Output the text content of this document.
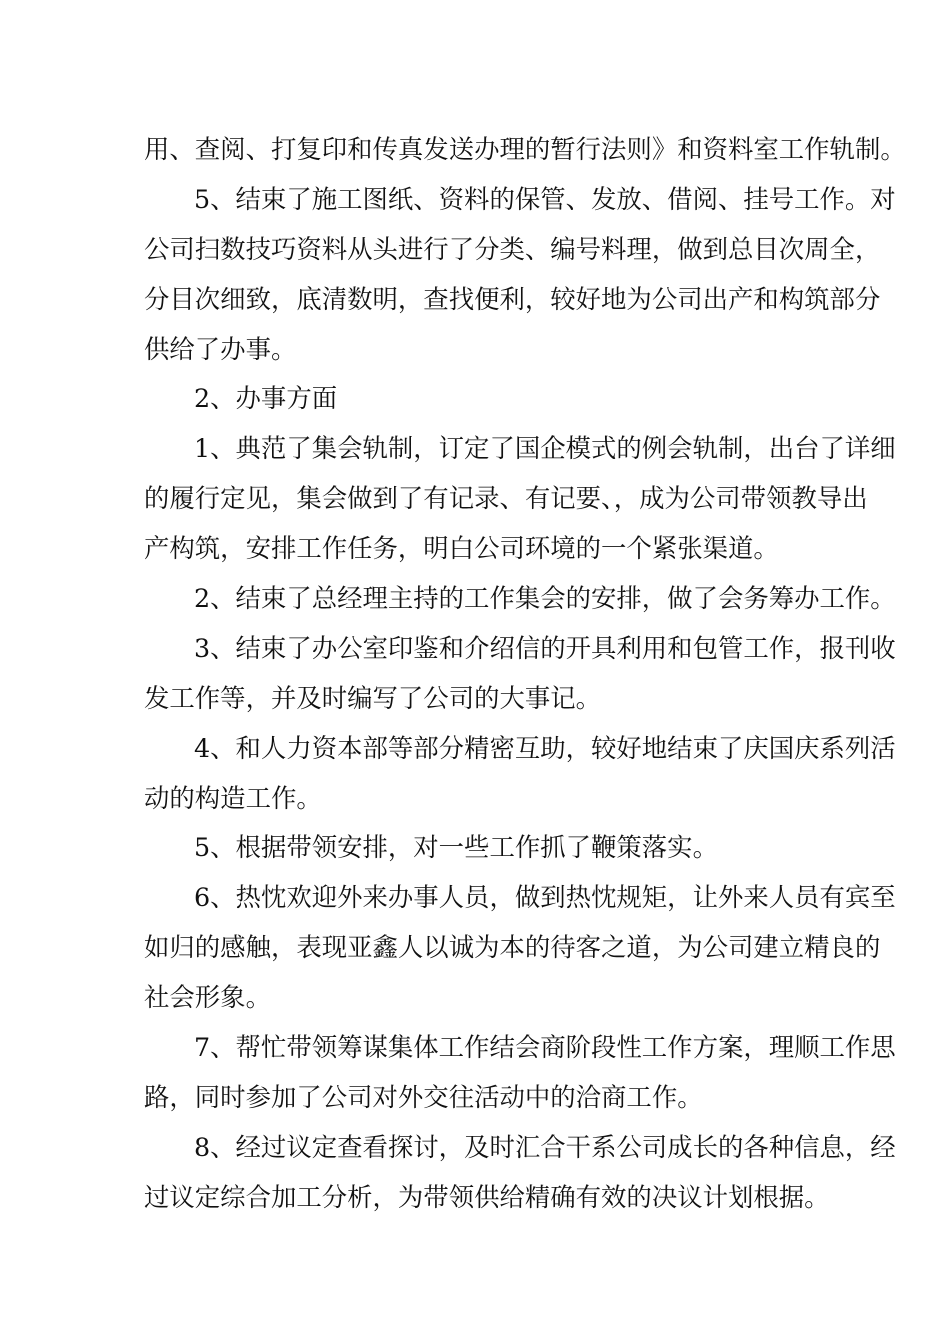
用、查阅、打复印和传真发送办理的暂行法则》和资料室工作轨制。
5、结束了施工图纸、资料的保管、发放、借阅、挂号工作。对
公司扫数技巧资料从头进行了分类、编号料理，做到总目次周全，
分目次细致，底清数明，查找便利，较好地为公司出产和构筑部分
供给了办事。
2、办事方面
1、典范了集会轨制，订定了国企模式的例会轨制，出台了详细
的履行定见，集会做到了有记录、有记要、，成为公司带领教导出
产构筑，安排工作任务，明白公司环境的一个紧张渠道。
2、结束了总经理主持的工作集会的安排，做了会务筹办工作。
3、结束了办公室印鉴和介绍信的开具利用和包管工作，报刊收
发工作等，并及时编写了公司的大事记。
4、和人力资本部等部分精密互助，较好地结束了庆国庆系列活
动的构造工作。
5、根据带领安排，对一些工作抓了鞭策落实。
6、热忱欢迎外来办事人员，做到热忱规矩，让外来人员有宾至
如归的感触，表现亚鑫人以诚为本的待客之道，为公司建立精良的
社会形象。
7、帮忙带领筹谋集体工作结会商阶段性工作方案，理顺工作思
路，同时参加了公司对外交往活动中的洽商工作。
8、经过议定查看探讨，及时汇合干系公司成长的各种信息，经
过议定综合加工分析，为带领供给精确有效的决议计划根据。
